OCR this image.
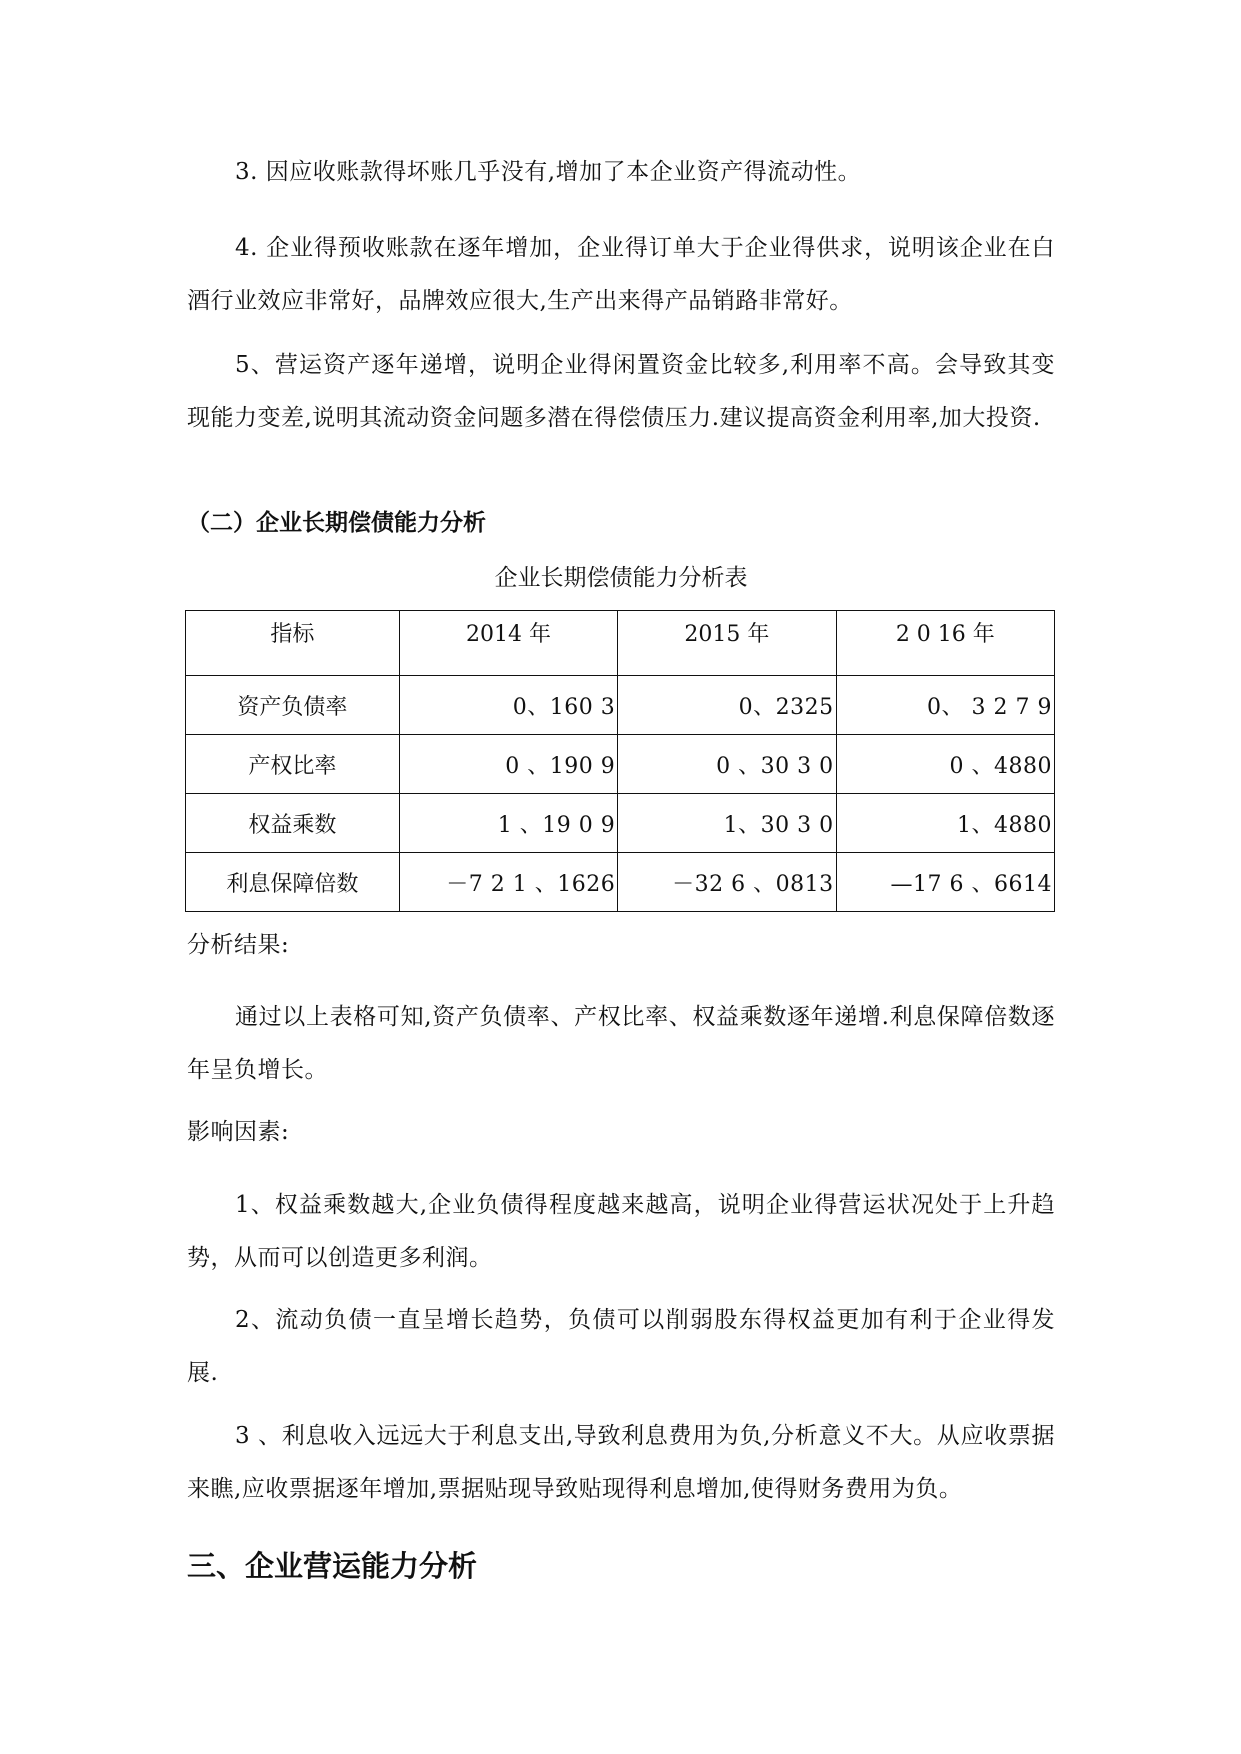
3. 因应收账款得坏账几乎没有,增加了本企业资产得流动性。

4. 企业得预收账款在逐年增加，企业得订单大于企业得供求，说明该企业在白酒行业效应非常好，品牌效应很大,生产出来得产品销路非常好。

5、营运资产逐年递增，说明企业得闲置资金比较多,利用率不高。会导致其变现能力变差,说明其流动资金问题多潜在得偿债压力.建议提高资金利用率,加大投资.

（二）企业长期偿债能力分析

企业长期偿债能力分析表

指标	2014 年	2015 年	2 0 16 年
资产负债率	0、160 3	0、2325	0、 3 2 7 9
产权比率	0 、190 9	0 、30 3 0	0 、4880
权益乘数	1 、19 0 9	1、30 3 0	1、4880
利息保障倍数	－7 2 1 、1626	－32 6 、0813	—17 6 、6614

分析结果:

通过以上表格可知,资产负债率、产权比率、权益乘数逐年递增.利息保障倍数逐年呈负增长。

影响因素:

1、权益乘数越大,企业负债得程度越来越高，说明企业得营运状况处于上升趋势，从而可以创造更多利润。

2、流动负债一直呈增长趋势，负债可以削弱股东得权益更加有利于企业得发展.

3 、利息收入远远大于利息支出,导致利息费用为负,分析意义不大。从应收票据来瞧,应收票据逐年增加,票据贴现导致贴现得利息增加,使得财务费用为负。

三、企业营运能力分析
